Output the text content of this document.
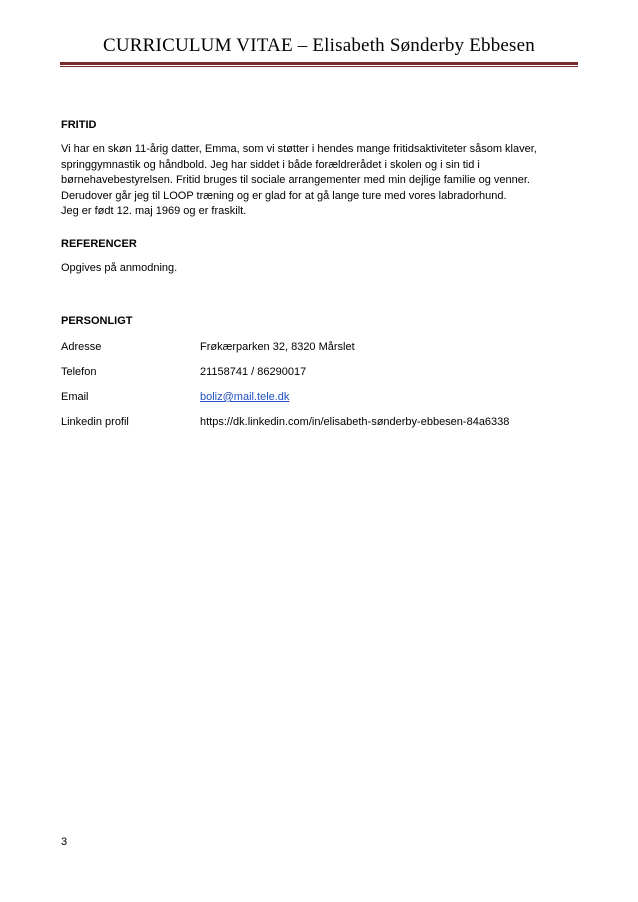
CURRICULUM VITAE – Elisabeth Sønderby Ebbesen
FRITID

Vi har en skøn 11-årig datter, Emma, som vi støtter i hendes mange fritidsaktiviteter såsom klaver,

springgymnastik og håndbold. Jeg har siddet i både forældrerådet i skolen og i sin tid i

børnehavebestyrelsen. Fritid bruges til sociale arrangementer med min dejlige familie og venner.

Derudover går jeg til LOOP træning og er glad for at gå lange ture med vores labradorhund.

Jeg er født 12. maj 1969 og er fraskilt.

REFERENCER
Opgives på anmodning.
PERSONLIGT
Adresse	Frøkærparken 32, 8320 Mårslet
Telefon	21158741 / 86290017
Email	boliz@mail.tele.dk
Linkedin profil	https://dk.linkedin.com/in/elisabeth-sønderby-ebbesen-84a6338
3
